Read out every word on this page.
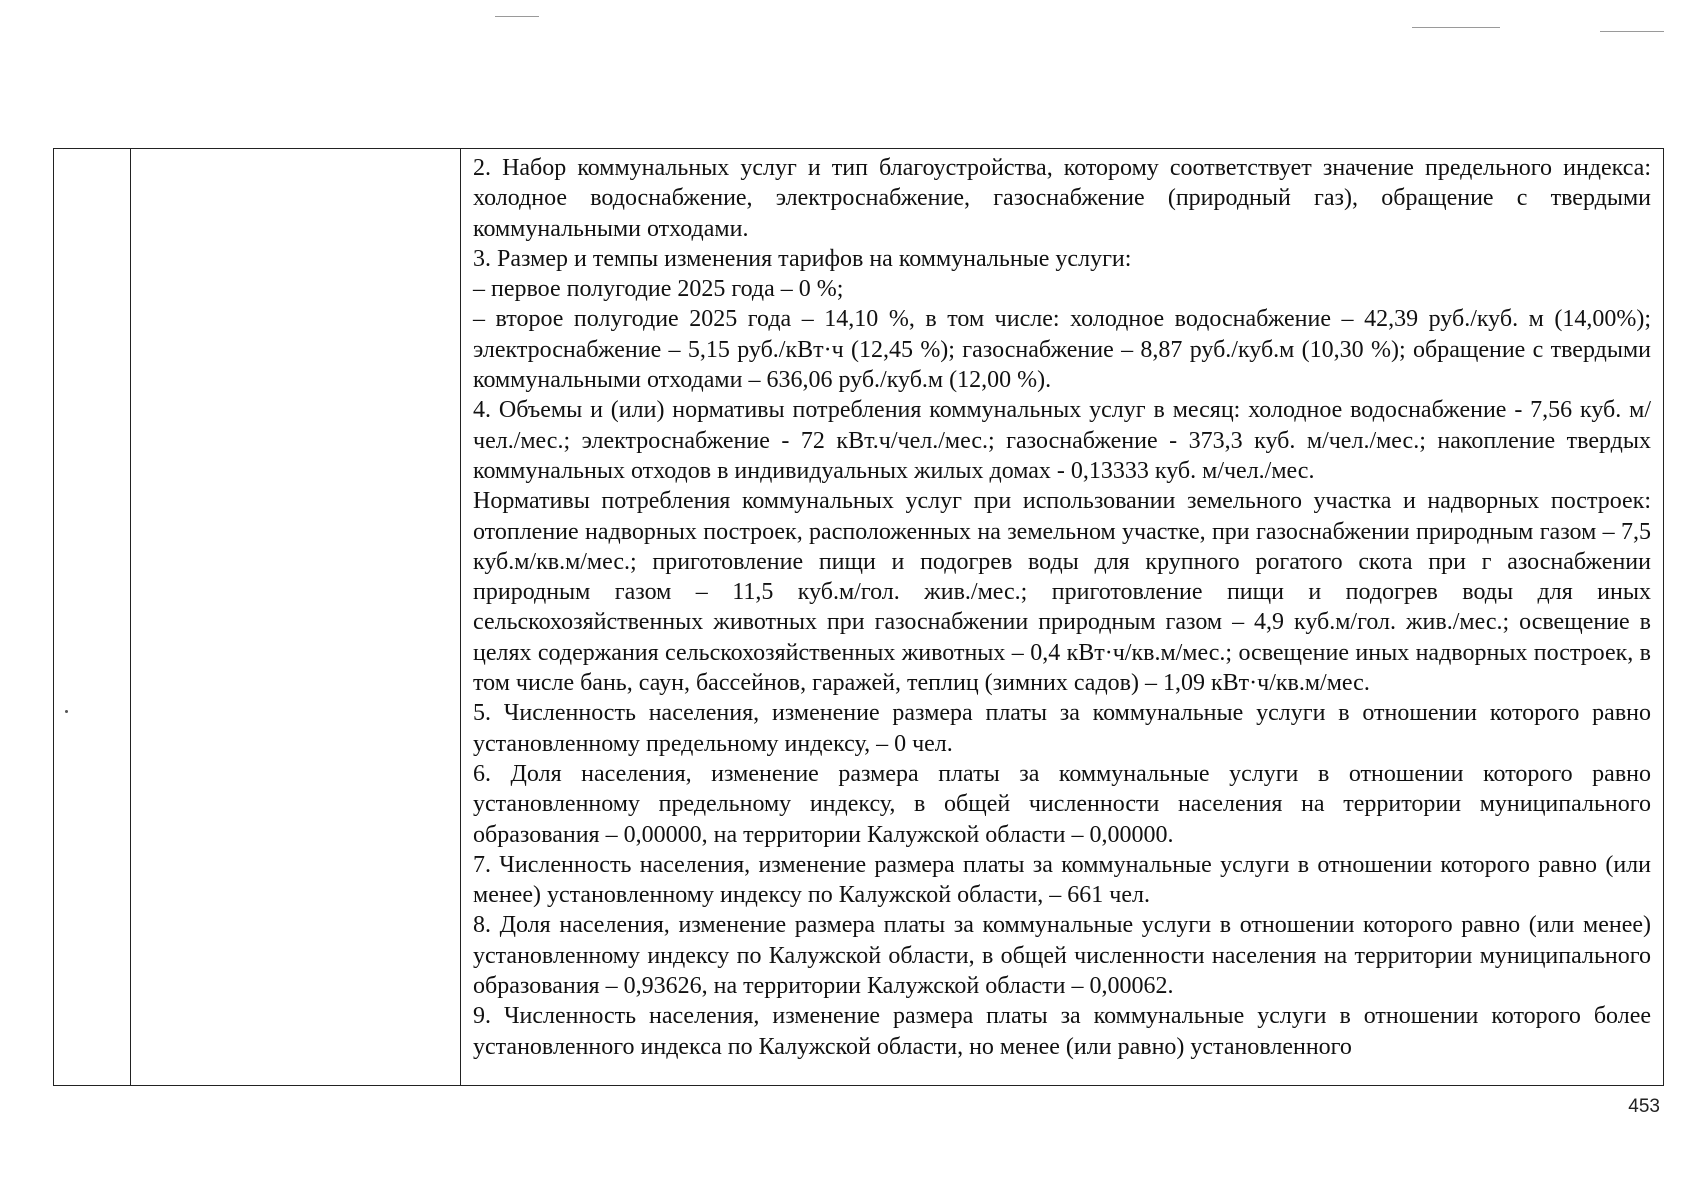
2. Набор коммунальных услуг и тип благоустройства, которому соответствует значение предельного индекса: холодное водоснабжение, электроснабжение, газоснабжение (природный газ), обращение с твердыми коммунальными отходами.

3. Размер и темпы изменения тарифов на коммунальные услуги:

– первое полугодие 2025 года – 0 %;

– второе полугодие 2025 года – 14,10 %, в том числе: холодное водоснабжение – 42,39 руб./куб. м (14,00%); электроснабжение – 5,15 руб./кВт·ч (12,45 %); газоснабжение – 8,87 руб./куб.м (10,30 %); обращение с твердыми коммунальными отходами – 636,06 руб./куб.м (12,00 %).

4. Объемы и (или) нормативы потребления коммунальных услуг в месяц: холодное водоснабжение - 7,56 куб. м/чел./мес.; электроснабжение - 72 кВт.ч/чел./мес.; газоснабжение - 373,3 куб. м/чел./мес.; накопление твердых коммунальных отходов в индивидуальных жилых домах - 0,13333 куб. м/чел./мес.

Нормативы потребления коммунальных услуг при использовании земельного участка и надворных построек: отопление надворных построек, расположенных на земельном участке, при газоснабжении природным газом – 7,5 куб.м/кв.м/мес.; приготовление пищи и подогрев воды для крупного рогатого скота при г азоснабжении природным газом – 11,5 куб.м/гол. жив./мес.; приготовление пищи и подогрев воды для иных сельскохозяйственных животных при газоснабжении природным газом – 4,9 куб.м/гол. жив./мес.; освещение в целях содержания сельскохозяйственных животных – 0,4 кВт·ч/кв.м/мес.; освещение иных надворных построек, в том числе бань, саун, бассейнов, гаражей, теплиц (зимних садов) – 1,09 кВт·ч/кв.м/мес.

5. Численность населения, изменение размера платы за коммунальные услуги в отношении которого равно установленному предельному индексу, – 0 чел.

6. Доля населения, изменение размера платы за коммунальные услуги в отношении которого равно установленному предельному индексу, в общей численности населения на территории муниципального образования – 0,00000, на территории Калужской области – 0,00000.

7. Численность населения, изменение размера платы за коммунальные услуги в отношении которого равно (или менее) установленному индексу по Калужской области, – 661 чел.

8. Доля населения, изменение размера платы за коммунальные услуги в отношении которого равно (или менее) установленному индексу по Калужской области, в общей численности населения на территории муниципального образования – 0,93626, на территории Калужской области – 0,00062.

9. Численность населения, изменение размера платы за коммунальные услуги в отношении которого более установленного индекса по Калужской области, но менее (или равно) установленного

453
